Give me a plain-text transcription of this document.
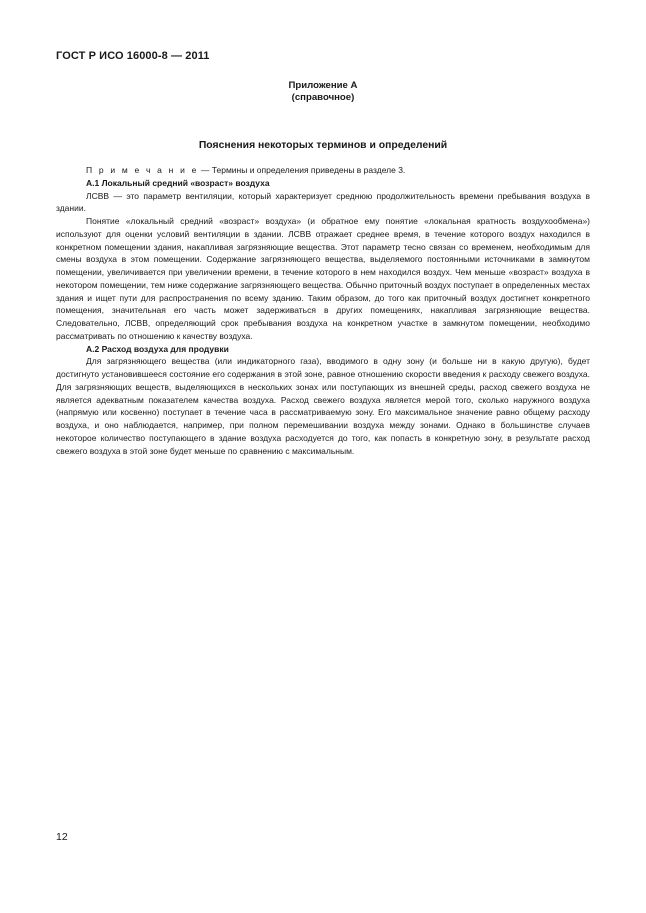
ГОСТ Р ИСО 16000-8 — 2011
Приложение А
(справочное)
Пояснения некоторых терминов и определений

П р и м е ч а н и е — Термины и определения приведены в разделе 3.

А.1 Локальный средний «возраст» воздуха

ЛСВВ — это параметр вентиляции, который характеризует среднюю продолжительность времени пребывания воздуха в здании.

Понятие «локальный средний «возраст» воздуха» (и обратное ему понятие «локальная кратность воздухообмена») используют для оценки условий вентиляции в здании. ЛСВВ отражает среднее время, в течение которого воздух находился в конкретном помещении здания, накапливая загрязняющие вещества. Этот параметр тесно связан со временем, необходимым для смены воздуха в этом помещении. Содержание загрязняющего вещества, выделяемого постоянными источниками в замкнутом помещении, увеличивается при увеличении времени, в течение которого в нем находился воздух. Чем меньше «возраст» воздуха в некотором помещении, тем ниже содержание загрязняющего вещества. Обычно приточный воздух поступает в определенных местах здания и ищет пути для распространения по всему зданию. Таким образом, до того как приточный воздух достигнет конкретного помещения, значительная его часть может задерживаться в других помещениях, накапливая загрязняющие вещества. Следовательно, ЛСВВ, определяющий срок пребывания воздуха на конкретном участке в замкнутом помещении, необходимо рассматривать по отношению к качеству воздуха.

А.2 Расход воздуха для продувки

Для загрязняющего вещества (или индикаторного газа), вводимого в одну зону (и больше ни в какую другую), будет достигнуто установившееся состояние его содержания в этой зоне, равное отношению скорости введения к расходу свежего воздуха. Для загрязняющих веществ, выделяющихся в нескольких зонах или поступающих из внешней среды, расход свежего воздуха не является адекватным показателем качества воздуха. Расход свежего воздуха является мерой того, сколько наружного воздуха (напрямую или косвенно) поступает в течение часа в рассматриваемую зону. Его максимальное значение равно общему расходу воздуха, и оно наблюдается, например, при полном перемешивании воздуха между зонами. Однако в большинстве случаев некоторое количество поступающего в здание воздуха расходуется до того, как попасть в конкретную зону, в результате расход свежего воздуха в этой зоне будет меньше по сравнению с максимальным.

12
